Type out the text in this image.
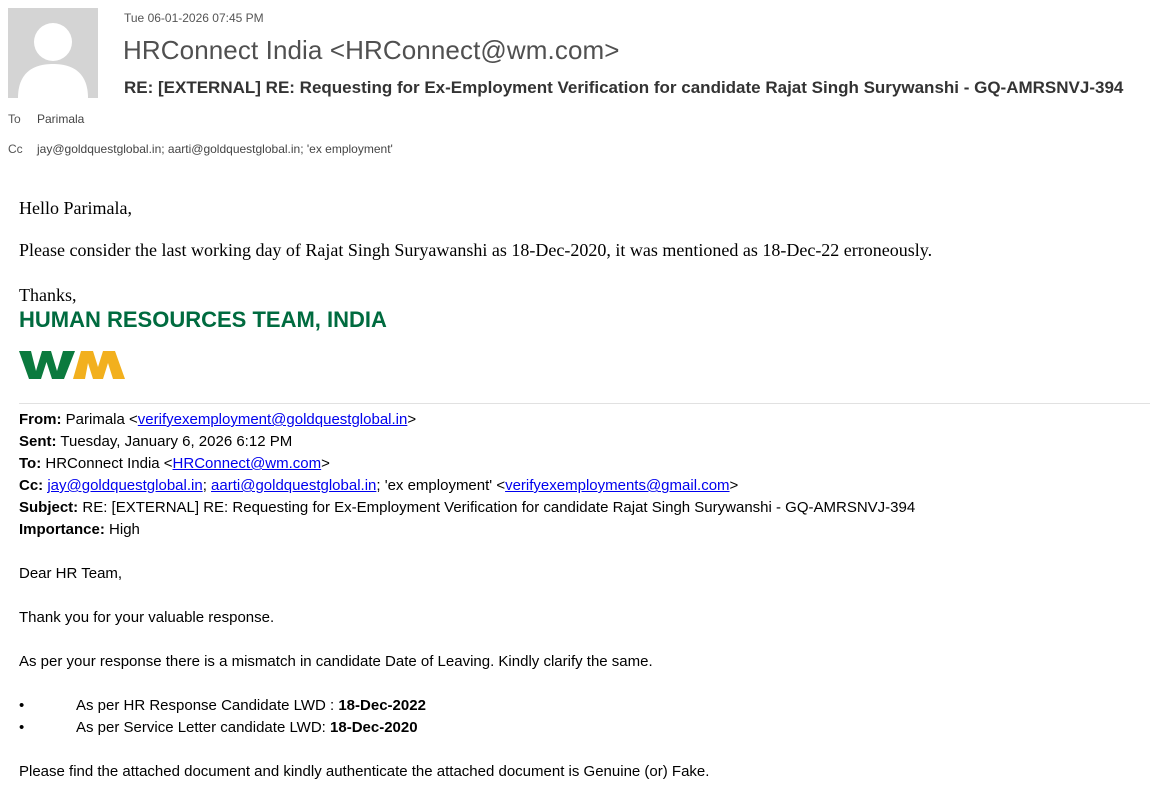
Tue 06-01-2026 07:45 PM
HRConnect India <HRConnect@wm.com>
RE: [EXTERNAL] RE: Requesting for Ex-Employment Verification for candidate Rajat Singh Surywanshi - GQ-AMRSNVJ-394
To Parimala
Cc jay@goldquestglobal.in; aarti@goldquestglobal.in; 'ex employment'
Hello Parimala,
Please consider the last working day of Rajat Singh Suryawanshi as 18-Dec-2020, it was mentioned as 18-Dec-22 erroneously.
Thanks,
HUMAN RESOURCES TEAM, INDIA
From: Parimala <verifyexemployment@goldquestglobal.in>
Sent: Tuesday, January 6, 2026 6:12 PM
To: HRConnect India <HRConnect@wm.com>
Cc: jay@goldquestglobal.in; aarti@goldquestglobal.in; 'ex employment' <verifyexemployments@gmail.com>
Subject: RE: [EXTERNAL] RE: Requesting for Ex-Employment Verification for candidate Rajat Singh Surywanshi - GQ-AMRSNVJ-394
Importance: High
Dear HR Team,
Thank you for your valuable response.
As per your response there is a mismatch in candidate Date of Leaving. Kindly clarify the same.
•	As per HR Response Candidate LWD : 18-Dec-2022
•	As per Service Letter candidate LWD: 18-Dec-2020
Please find the attached document and kindly authenticate the attached document is Genuine (or) Fake.
